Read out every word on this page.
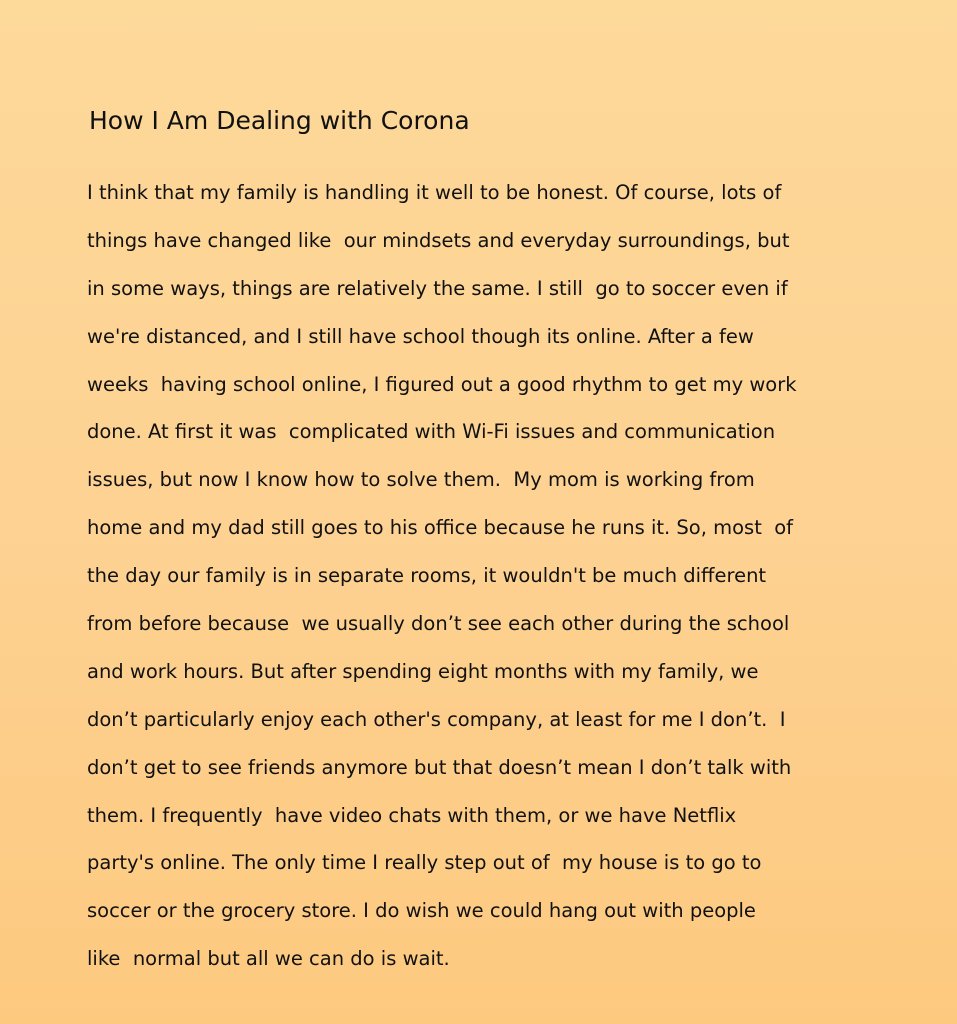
How I Am Dealing with Corona
I think that my family is handling it well to be honest. Of course, lots of
things have changed like  our mindsets and everyday surroundings, but
in some ways, things are relatively the same. I still  go to soccer even if
we're distanced, and I still have school though its online. After a few
weeks  having school online, I figured out a good rhythm to get my work
done. At first it was  complicated with Wi-Fi issues and communication
issues, but now I know how to solve them.  My mom is working from
home and my dad still goes to his office because he runs it. So, most  of
the day our family is in separate rooms, it wouldn't be much different
from before because  we usually don’t see each other during the school
and work hours. But after spending eight months with my family, we
don’t particularly enjoy each other's company, at least for me I don’t.  I
don’t get to see friends anymore but that doesn’t mean I don’t talk with
them. I frequently  have video chats with them, or we have Netflix
party's online. The only time I really step out of  my house is to go to
soccer or the grocery store. I do wish we could hang out with people
like  normal but all we can do is wait.
